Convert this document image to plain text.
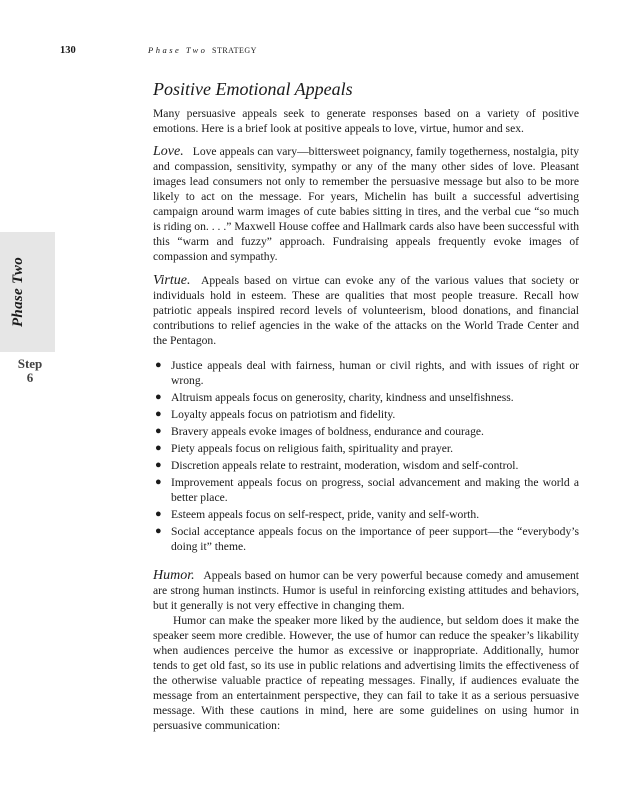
130	Phase Two STRATEGY
Phase Two
Step
6
Positive Emotional Appeals

Many persuasive appeals seek to generate responses based on a variety of positive emotions. Here is a brief look at positive appeals to love, virtue, humor and sex.

Love. Love appeals can vary—bittersweet poignancy, family togetherness, nostalgia, pity and compassion, sensitivity, sympathy or any of the many other sides of love. Pleasant images lead consumers not only to remember the persuasive message but also to be more likely to act on the message. For years, Michelin has built a successful advertising campaign around warm images of cute babies sitting in tires, and the verbal cue “so much is riding on. . . .” Maxwell House coffee and Hallmark cards also have been successful with this “warm and fuzzy” approach. Fundraising appeals frequently evoke images of compassion and sympathy.

Virtue. Appeals based on virtue can evoke any of the various values that society or individuals hold in esteem. These are qualities that most people treasure. Recall how patriotic appeals inspired record levels of volunteerism, blood donations, and financial contributions to relief agencies in the wake of the attacks on the World Trade Center and the Pentagon.

● Justice appeals deal with fairness, human or civil rights, and with issues of right or wrong.
● Altruism appeals focus on generosity, charity, kindness and unselfishness.
● Loyalty appeals focus on patriotism and fidelity.
● Bravery appeals evoke images of boldness, endurance and courage.
● Piety appeals focus on religious faith, spirituality and prayer.
● Discretion appeals relate to restraint, moderation, wisdom and self-control.
● Improvement appeals focus on progress, social advancement and making the world a better place.
● Esteem appeals focus on self-respect, pride, vanity and self-worth.
● Social acceptance appeals focus on the importance of peer support—the “everybody’s doing it” theme.

Humor. Appeals based on humor can be very powerful because comedy and amusement are strong human instincts. Humor is useful in reinforcing existing attitudes and behaviors, but it generally is not very effective in changing them.

Humor can make the speaker more liked by the audience, but seldom does it make the speaker seem more credible. However, the use of humor can reduce the speaker’s likability when audiences perceive the humor as excessive or inappropriate. Additionally, humor tends to get old fast, so its use in public relations and advertising limits the effectiveness of the otherwise valuable practice of repeating messages. Finally, if audiences evaluate the message from an entertainment perspective, they can fail to take it as a serious persuasive message. With these cautions in mind, here are some guidelines on using humor in persuasive communication:
